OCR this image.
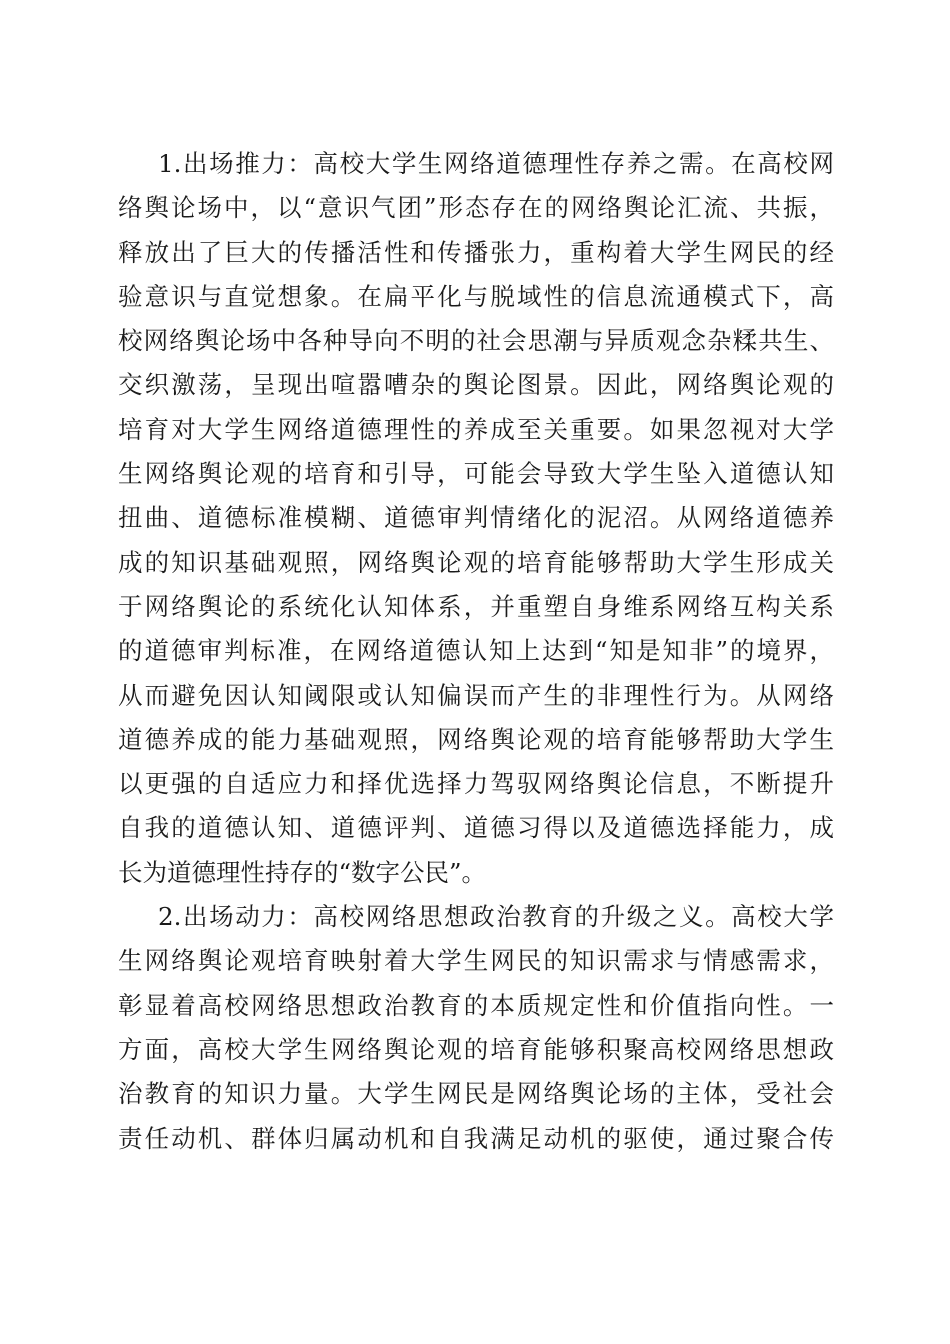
1.出场推力：高校大学生网络道德理性存养之需。在高校网
络舆论场中，以“意识气团”形态存在的网络舆论汇流、共振，
释放出了巨大的传播活性和传播张力，重构着大学生网民的经
验意识与直觉想象。在扁平化与脱域性的信息流通模式下，高
校网络舆论场中各种导向不明的社会思潮与异质观念杂糅共生、
交织激荡，呈现出喧嚣嘈杂的舆论图景。因此，网络舆论观的
培育对大学生网络道德理性的养成至关重要。如果忽视对大学
生网络舆论观的培育和引导，可能会导致大学生坠入道德认知
扭曲、道德标准模糊、道德审判情绪化的泥沼。从网络道德养
成的知识基础观照，网络舆论观的培育能够帮助大学生形成关
于网络舆论的系统化认知体系，并重塑自身维系网络互构关系
的道德审判标准，在网络道德认知上达到“知是知非”的境界，
从而避免因认知阈限或认知偏误而产生的非理性行为。从网络
道德养成的能力基础观照，网络舆论观的培育能够帮助大学生
以更强的自适应力和择优选择力驾驭网络舆论信息，不断提升
自我的道德认知、道德评判、道德习得以及道德选择能力，成
长为道德理性持存的“数字公民”。
2.出场动力：高校网络思想政治教育的升级之义。高校大学
生网络舆论观培育映射着大学生网民的知识需求与情感需求，
彰显着高校网络思想政治教育的本质规定性和价值指向性。一
方面，高校大学生网络舆论观的培育能够积聚高校网络思想政
治教育的知识力量。大学生网民是网络舆论场的主体，受社会
责任动机、群体归属动机和自我满足动机的驱使，通过聚合传
